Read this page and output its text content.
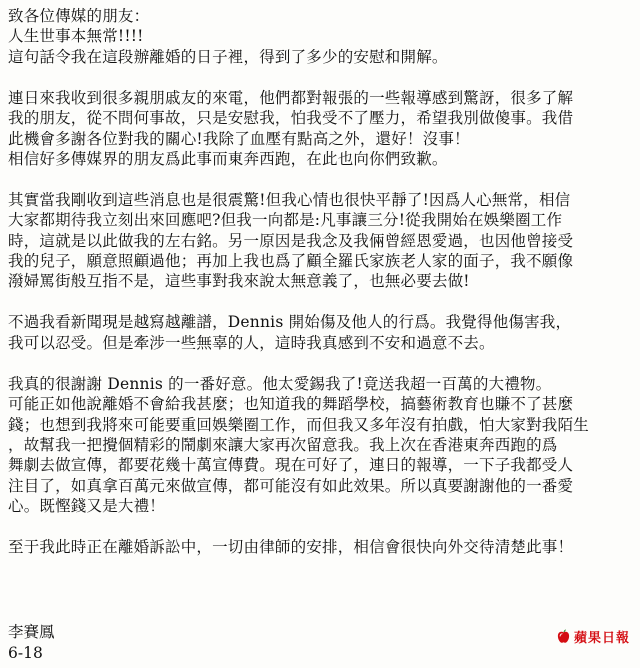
致各位傳媒的朋友：
人生世事本無常!!!!
這句話令我在這段辦離婚的日子裡，得到了多少的安慰和開解。
連日來我收到很多親朋戚友的來電，他們都對報張的一些報導感到驚訝，很多了解
我的朋友，從不問何事故，只是安慰我，怕我受不了壓力，希望我別做傻事。我借
此機會多謝各位對我的關心!我除了血壓有點高之外，還好！沒事！
相信好多傳媒界的朋友爲此事而東奔西跑，在此也向你們致歉。
其實當我剛收到這些消息也是很震驚!但我心情也很快平靜了!因爲人心無常，相信
大家都期待我立刻出來回應吧?但我一向都是:凡事讓三分!從我開始在娛樂圈工作
時，這就是以此做我的左右銘。另一原因是我念及我倆曾經恩愛過，也因他曾接受
我的兒子，願意照顧過他；再加上我也爲了顧全羅氏家族老人家的面子，我不願像
潑婦罵街般互指不是，這些事對我來說太無意義了，也無必要去做!
不過我看新聞現是越寫越離譜，Dennis 開始傷及他人的行爲。我覺得他傷害我，
我可以忍受。但是牽涉一些無辜的人，這時我真感到不安和過意不去。
我真的很謝謝 Dennis 的一番好意。他太愛錫我了!竟送我超一百萬的大禮物。
可能正如他說離婚不會給我甚麼；也知道我的舞蹈學校，搞藝術教育也賺不了甚麼
錢；也想到我將來可能要重回娛樂圈工作，而但我又多年沒有拍戲，怕大家對我陌生
，故幫我一把攪個精彩的鬧劇來讓大家再次留意我。我上次在香港東奔西跑的爲
舞劇去做宣傳，都要花幾十萬宣傳費。現在可好了，連日的報導，一下子我都受人
注目了，如真拿百萬元來做宣傳，都可能沒有如此效果。所以真要謝謝他的一番愛
心。既慳錢又是大禮！
至于我此時正在離婚訴訟中，一切由律師的安排，相信會很快向外交待清楚此事！
李賽鳳
6-18
蘋果日報
